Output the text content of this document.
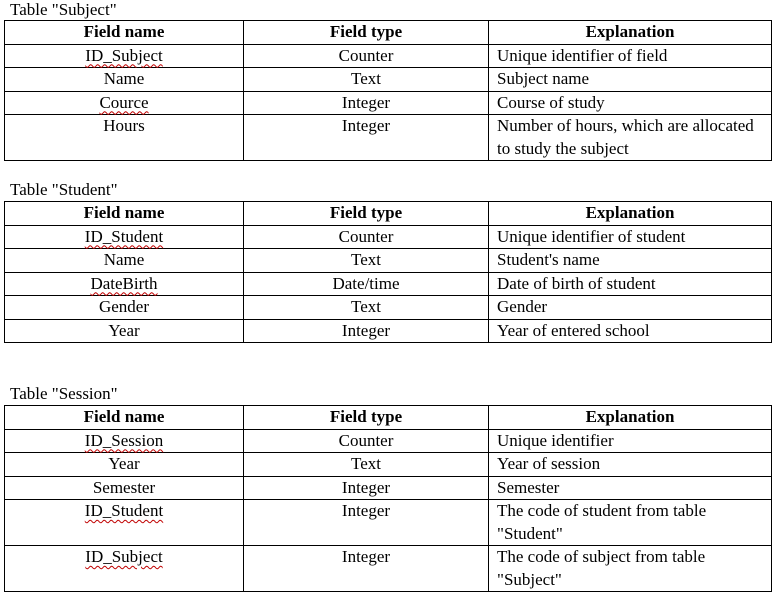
Table "Subject"
Field name	Field type	Explanation
ID_Subject	Counter	Unique identifier of field
Name	Text	Subject name
Cource	Integer	Course of study
Hours	Integer	Number of hours, which are allocated to study the subject
Table "Student"
Field name	Field type	Explanation
ID_Student	Counter	Unique identifier of student
Name	Text	Student's name
DateBirth	Date/time	Date of birth of student
Gender	Text	Gender
Year	Integer	Year of entered school
Table "Session"
Field name	Field type	Explanation
ID_Session	Counter	Unique identifier
Year	Text	Year of session
Semester	Integer	Semester
ID_Student	Integer	The code of student from table "Student"
ID_Subject	Integer	The code of subject from table "Subject"
